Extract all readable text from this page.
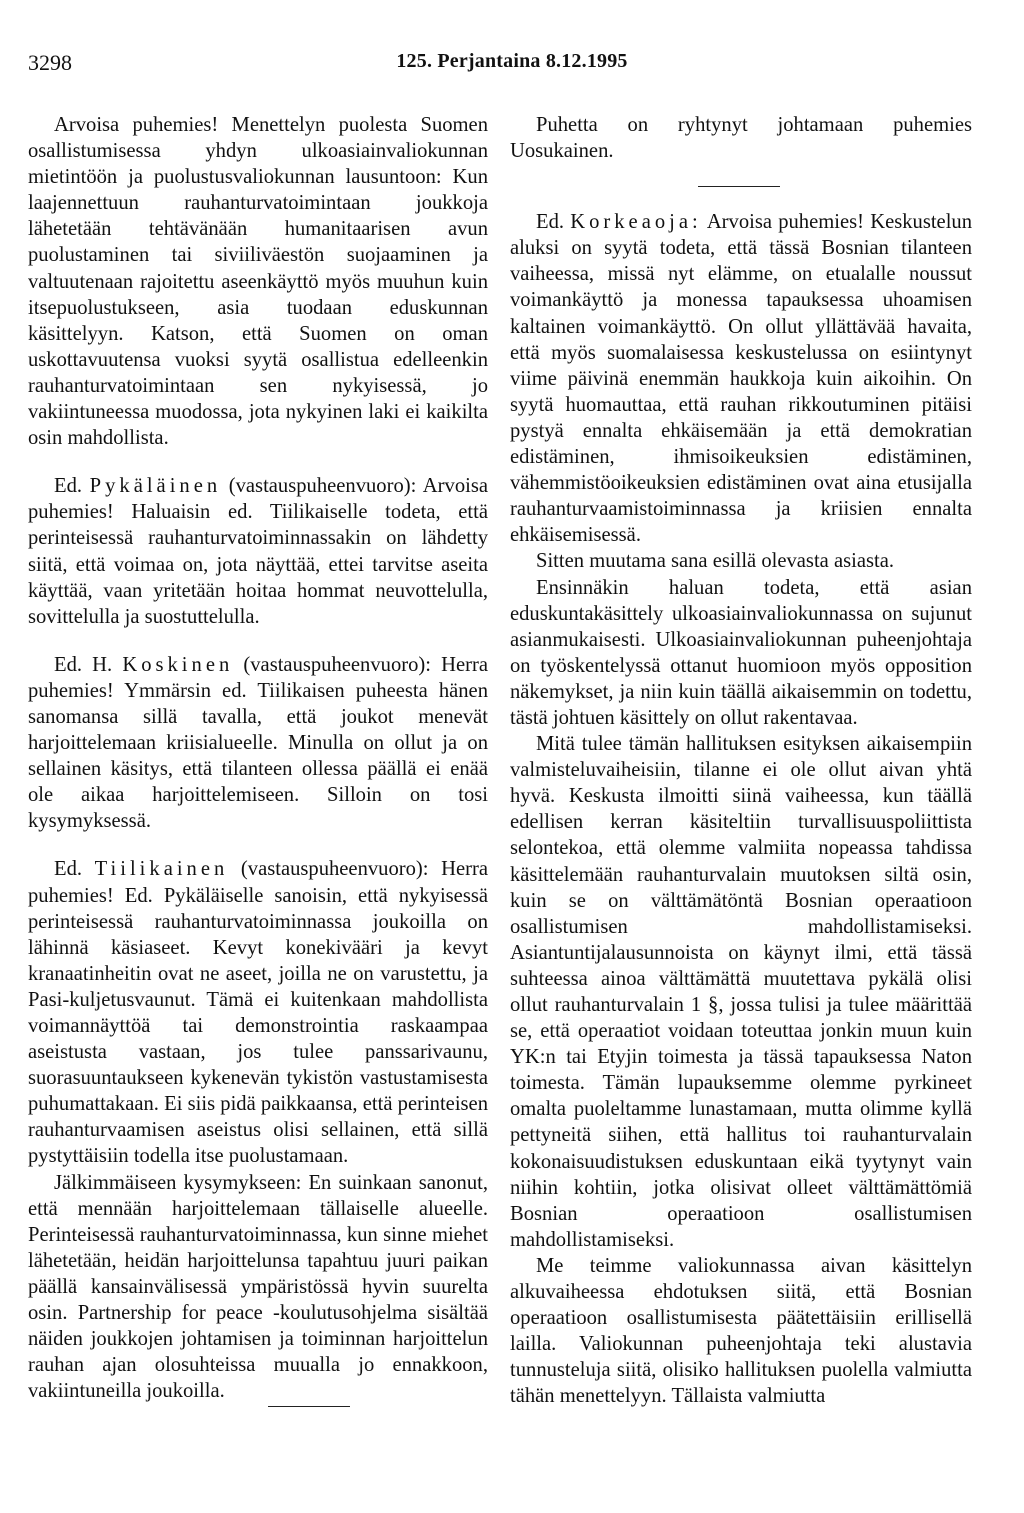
3298	125. Perjantaina 8.12.1995

Arvoisa puhemies! Menettelyn puolesta Suomen osallistumisessa yhdyn ulkoasiainvaliokunnan mietintöön ja puolustusvaliokunnan lausuntoon: Kun laajennettuun rauhanturvatoimintaan joukkoja lähetetään tehtävänään humanitaarisen avun puolustaminen tai siviiliväestön suojaaminen ja valtuutenaan rajoitettu aseenkäyttö myös muuhun kuin itsepuolustukseen, asia tuodaan eduskunnan käsittelyyn. Katson, että Suomen on oman uskottavuutensa vuoksi syytä osallistua edelleenkin rauhanturvatoimintaan sen nykyisessä, jo vakiintuneessa muodossa, jota nykyinen laki ei kaikilta osin mahdollista.

Ed. Pykäläinen (vastauspuheenvuoro): Arvoisa puhemies! Haluaisin ed. Tiilikaiselle todeta, että perinteisessä rauhanturvatoiminnassakin on lähdetty siitä, että voimaa on, jota näyttää, ettei tarvitse aseita käyttää, vaan yritetään hoitaa hommat neuvottelulla, sovittelulla ja suostuttelulla.

Ed. H. Koskinen (vastauspuheenvuoro): Herra puhemies! Ymmärsin ed. Tiilikaisen puheesta hänen sanomansa sillä tavalla, että joukot menevät harjoittelemaan kriisialueelle. Minulla on ollut ja on sellainen käsitys, että tilanteen ollessa päällä ei enää ole aikaa harjoittelemiseen. Silloin on tosi kysymyksessä.

Ed. Tiilikainen (vastauspuheenvuoro): Herra puhemies! Ed. Pykäläiselle sanoisin, että nykyisessä perinteisessä rauhanturvatoiminnassa joukoilla on lähinnä käsiaseet. Kevyt konekivääri ja kevyt kranaatinheitin ovat ne aseet, joilla ne on varustettu, ja Pasi-kuljetusvaunut. Tämä ei kuitenkaan mahdollista voimannäyttöä tai demonstrointia raskaampaa aseistusta vastaan, jos tulee panssarivaunu, suorasuuntaukseen kykenevän tykistön vastustamisesta puhumattakaan. Ei siis pidä paikkaansa, että perinteisen rauhanturvaamisen aseistus olisi sellainen, että sillä pystyttäisiin todella itse puolustamaan.

Jälkimmäiseen kysymykseen: En suinkaan sanonut, että mennään harjoittelemaan tällaiselle alueelle. Perinteisessä rauhanturvatoiminnassa, kun sinne miehet lähetetään, heidän harjoittelunsa tapahtuu juuri paikan päällä kansainvälisessä ympäristössä hyvin suurelta osin. Partnership for peace -koulutusohjelma sisältää näiden joukkojen johtamisen ja toiminnan harjoittelun rauhan ajan olosuhteissa muualla jo ennakkoon, vakiintuneilla joukoilla.

Puhetta on ryhtynyt johtamaan puhemies Uosukainen.

Ed. Korkeaoja: Arvoisa puhemies! Keskustelun aluksi on syytä todeta, että tässä Bosnian tilanteen vaiheessa, missä nyt elämme, on etualalle noussut voimankäyttö ja monessa tapauksessa uhoamisen kaltainen voimankäyttö. On ollut yllättävää havaita, että myös suomalaisessa keskustelussa on esiintynyt viime päivinä enemmän haukkoja kuin aikoihin. On syytä huomauttaa, että rauhan rikkoutuminen pitäisi pystyä ennalta ehkäisemään ja että demokratian edistäminen, ihmisoikeuksien edistäminen, vähemmistöoikeuksien edistäminen ovat aina etusijalla rauhanturvaamistoiminnassa ja kriisien ennalta ehkäisemisessä.

Sitten muutama sana esillä olevasta asiasta.

Ensinnäkin haluan todeta, että asian eduskuntakäsittely ulkoasiainvaliokunnassa on sujunut asianmukaisesti. Ulkoasiainvaliokunnan puheenjohtaja on työskentelyssä ottanut huomioon myös opposition näkemykset, ja niin kuin täällä aikaisemmin on todettu, tästä johtuen käsittely on ollut rakentavaa.

Mitä tulee tämän hallituksen esityksen aikaisempiin valmisteluvaiheisiin, tilanne ei ole ollut aivan yhtä hyvä. Keskusta ilmoitti siinä vaiheessa, kun täällä edellisen kerran käsiteltiin turvallisuuspoliittista selontekoa, että olemme valmiita nopeassa tahdissa käsittelemään rauhanturvalain muutoksen siltä osin, kuin se on välttämätöntä Bosnian operaatioon osallistumisen mahdollistamiseksi. Asiantuntijalausunnoista on käynyt ilmi, että tässä suhteessa ainoa välttämättä muutettava pykälä olisi ollut rauhanturvalain 1 §, jossa tulisi ja tulee määrittää se, että operaatiot voidaan toteuttaa jonkin muun kuin YK:n tai Etyjin toimesta ja tässä tapauksessa Naton toimesta. Tämän lupauksemme olemme pyrkineet omalta puoleltamme lunastamaan, mutta olimme kyllä pettyneitä siihen, että hallitus toi rauhanturvalain kokonaisuudistuksen eduskuntaan eikä tyytynyt vain niihin kohtiin, jotka olisivat olleet välttämättömiä Bosnian operaatioon osallistumisen mahdollistamiseksi.

Me teimme valiokunnassa aivan käsittelyn alkuvaiheessa ehdotuksen siitä, että Bosnian operaatioon osallistumisesta päätettäisiin erillisellä lailla. Valiokunnan puheenjohtaja teki alustavia tunnusteluja siitä, olisiko hallituksen puolella valmiutta tähän menettelyyn. Tällaista valmiutta
